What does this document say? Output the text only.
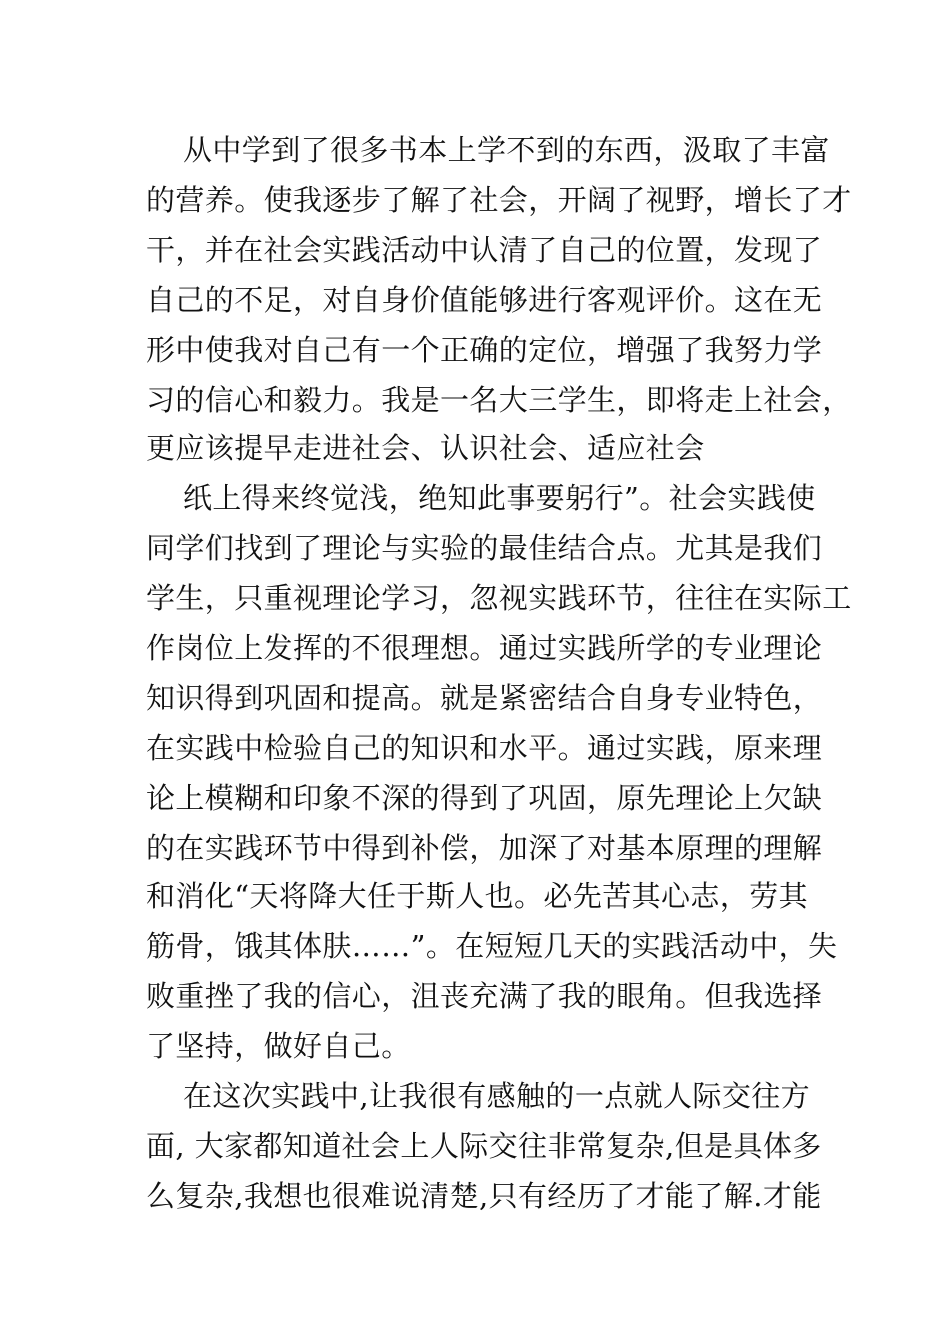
从中学到了很多书本上学不到的东西，汲取了丰富
的营养。使我逐步了解了社会，开阔了视野，增长了才
干，并在社会实践活动中认清了自己的位置，发现了
自己的不足，对自身价值能够进行客观评价。这在无
形中使我对自己有一个正确的定位，增强了我努力学
习的信心和毅力。我是一名大三学生，即将走上社会，
更应该提早走进社会、认识社会、适应社会
纸上得来终觉浅，绝知此事要躬行”。社会实践使
同学们找到了理论与实验的最佳结合点。尤其是我们
学生，只重视理论学习，忽视实践环节，往往在实际工
作岗位上发挥的不很理想。通过实践所学的专业理论
知识得到巩固和提高。就是紧密结合自身专业特色，
在实践中检验自己的知识和水平。通过实践，原来理
论上模糊和印象不深的得到了巩固，原先理论上欠缺
的在实践环节中得到补偿，加深了对基本原理的理解
和消化“天将降大任于斯人也。必先苦其心志，劳其
筋骨，饿其体肤……”。在短短几天的实践活动中，失
败重挫了我的信心，沮丧充满了我的眼角。但我选择
了坚持，做好自己。
在这次实践中,让我很有感触的一点就人际交往方
面, 大家都知道社会上人际交往非常复杂,但是具体多
么复杂,我想也很难说清楚,只有经历了才能了解.才能
